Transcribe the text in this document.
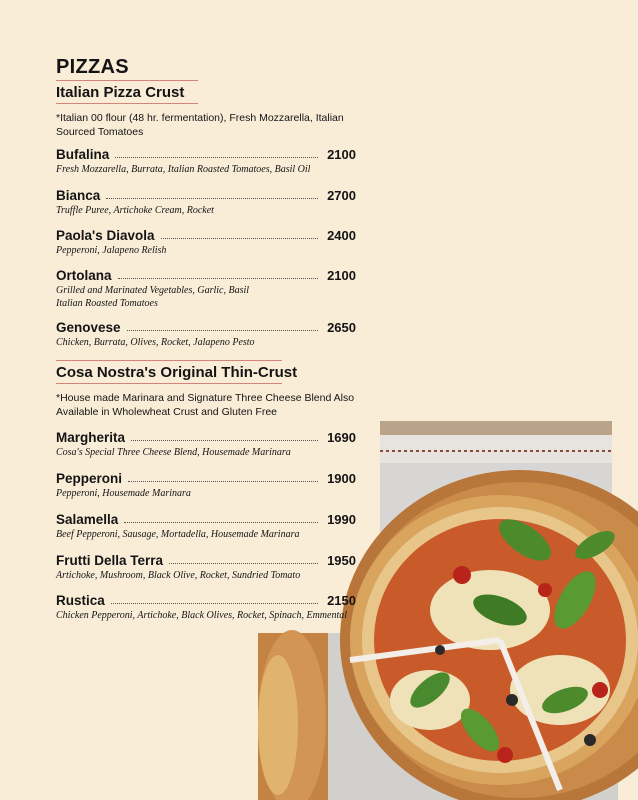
PIZZAS
Italian Pizza Crust
*Italian 00 flour (48 hr. fermentation), Fresh Mozzarella, Italian Sourced Tomatoes
Bufalina	2100
Fresh Mozzarella, Burrata, Italian Roasted Tomatoes, Basil Oil
Bianca	2700
Truffle Puree, Artichoke Cream, Rocket
Paola's Diavola	2400
Pepperoni, Jalapeno Relish
Ortolana	2100
Grilled and Marinated Vegetables, Garlic, Basil Italian Roasted Tomatoes
Genovese	2650
Chicken, Burrata, Olives, Rocket, Jalapeno Pesto
Cosa Nostra's Original Thin-Crust
*House made Marinara and Signature Three Cheese Blend Also Available in Wholewheat Crust and Gluten Free
Margherita	1690
Cosa's Special Three Cheese Blend, Housemade Marinara
Pepperoni	1900
Pepperoni, Housemade Marinara
Salamella	1990
Beef Pepperoni, Sausage, Mortadella, Housemade Marinara
Frutti Della Terra	1950
Artichoke, Mushroom, Black Olive, Rocket, Sundried Tomato
Rustica	2150
Chicken Pepperoni, Artichoke, Black Olives, Rocket, Spinach, Emmental
